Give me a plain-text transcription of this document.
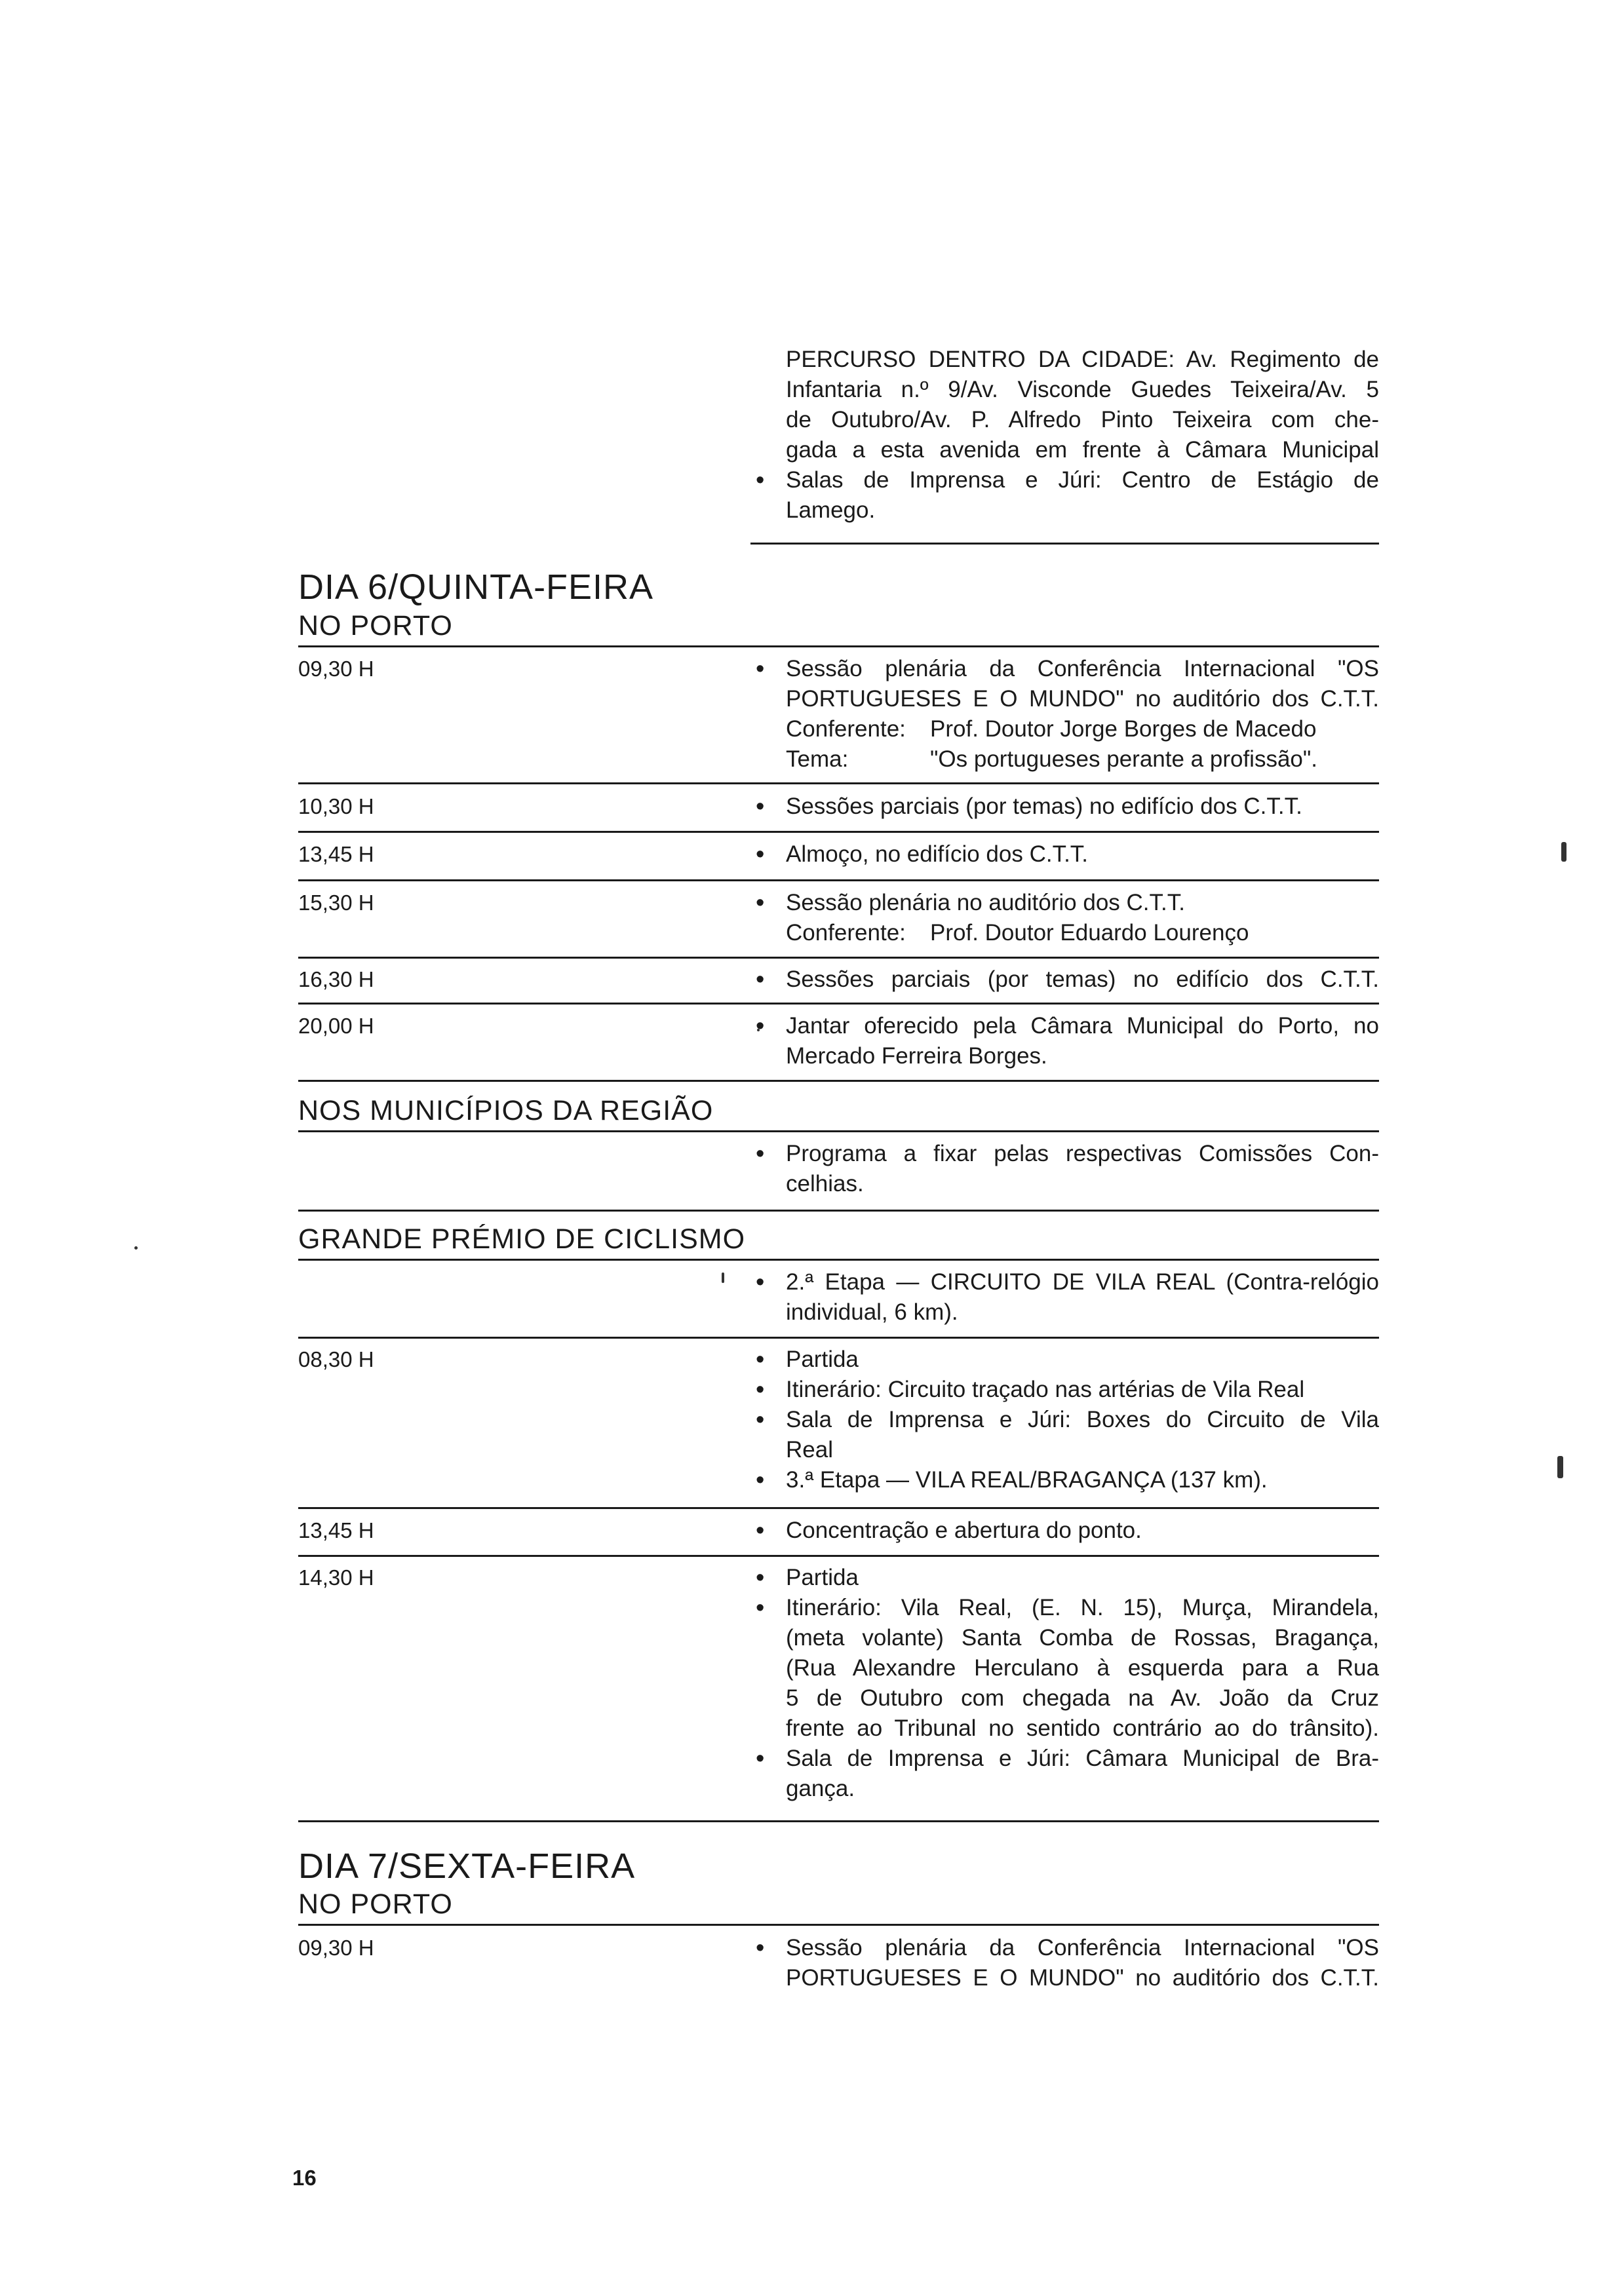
PERCURSO DENTRO DA CIDADE: Av. Regimento de
Infantaria n.º 9/Av. Visconde Guedes Teixeira/Av. 5
de Outubro/Av. P. Alfredo Pinto Teixeira com che-
gada a esta avenida em frente à Câmara Municipal
• Salas de Imprensa e Júri: Centro de Estágio de
Lamego.
DIA 6/QUINTA-FEIRA
NO PORTO
09,30 H	• Sessão plenária da Conferência Internacional "OS
PORTUGUESES E O MUNDO" no auditório dos C.T.T.
Conferente: Prof. Doutor Jorge Borges de Macedo
Tema:	"Os portugueses perante a profissão".
10,30 H	• Sessões parciais (por temas) no edifício dos C.T.T.
13,45 H	• Almoço, no edifício dos C.T.T.
15,30 H	• Sessão plenária no auditório dos C.T.T.
Conferente: Prof. Doutor Eduardo Lourenço
16,30 H	• Sessões parciais (por temas) no edifício dos C.T.T.
20,00 H	• Jantar oferecido pela Câmara Municipal do Porto, no
Mercado Ferreira Borges.
NOS MUNICÍPIOS DA REGIÃO
• Programa a fixar pelas respectivas Comissões Con-
celhias.
GRANDE PRÉMIO DE CICLISMO
• 2.ª Etapa — CIRCUITO DE VILA REAL (Contra-relógio
individual, 6 km).
08,30 H	• Partida
• Itinerário: Circuito traçado nas artérias de Vila Real
• Sala de Imprensa e Júri: Boxes do Circuito de Vila
Real
• 3.ª Etapa — VILA REAL/BRAGANÇA (137 km).
13,45 H	• Concentração e abertura do ponto.
14,30 H	• Partida
• Itinerário: Vila Real, (E. N. 15), Murça, Mirandela,
(meta volante) Santa Comba de Rossas, Bragança,
(Rua Alexandre Herculano à esquerda para a Rua
5 de Outubro com chegada na Av. João da Cruz
frente ao Tribunal no sentido contrário ao do trânsito).
• Sala de Imprensa e Júri: Câmara Municipal de Bra-
gança.
DIA 7/SEXTA-FEIRA
NO PORTO
09,30 H	• Sessão plenária da Conferência Internacional "OS
PORTUGUESES E O MUNDO" no auditório dos C.T.T.
16
